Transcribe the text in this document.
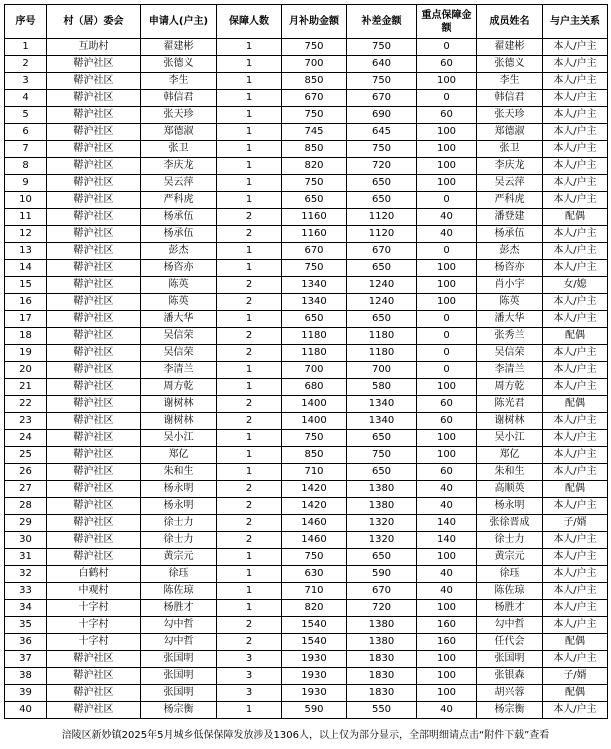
序号	村（居）委会	申请人(户主)	保障人数	月补助金额	补差金额	重点保障金额	成员姓名	与户主关系
1	互助村	翟建彬	1	750	750	0	翟建彬	本人/户主
2	鞯沪社区	张德义	1	700	640	60	张德义	本人/户主
3	鞯沪社区	李生	1	850	750	100	李生	本人/户主
4	鞯沪社区	韩信君	1	670	670	0	韩信君	本人/户主
5	鞯沪社区	张天珍	1	750	690	60	张天珍	本人/户主
6	鞯沪社区	郑德淑	1	745	645	100	郑德淑	本人/户主
7	鞯沪社区	张卫	1	850	750	100	张卫	本人/户主
8	鞯沪社区	李庆龙	1	820	720	100	李庆龙	本人/户主
9	鞯沪社区	吴云萍	1	750	650	100	吴云萍	本人/户主
10	鞯沪社区	严科虎	1	650	650	0	严科虎	本人/户主
11	鞯沪社区	杨承伍	2	1160	1120	40	潘登建	配偶
12	鞯沪社区	杨承伍	2	1160	1120	40	杨承伍	本人/户主
13	鞯沪社区	彭杰	1	670	670	0	彭杰	本人/户主
14	鞯沪社区	杨咨亦	1	750	650	100	杨咨亦	本人/户主
15	鞯沪社区	陈英	2	1340	1240	100	肖小宇	女/媳
16	鞯沪社区	陈英	2	1340	1240	100	陈英	本人/户主
17	鞯沪社区	潘大华	1	650	650	0	潘大华	本人/户主
18	鞯沪社区	吴信荣	2	1180	1180	0	张秀兰	配偶
19	鞯沪社区	吴信荣	2	1180	1180	0	吴信荣	本人/户主
20	鞯沪社区	李清兰	1	700	700	0	李清兰	本人/户主
21	鞯沪社区	周方乾	1	680	580	100	周方乾	本人/户主
22	鞯沪社区	谢树林	2	1400	1340	60	陈光君	配偶
23	鞯沪社区	谢树林	2	1400	1340	60	谢树林	本人/户主
24	鞯沪社区	吴小江	1	750	650	100	吴小江	本人/户主
25	鞯沪社区	郑亿	1	850	750	100	郑亿	本人/户主
26	鞯沪社区	朱和生	1	710	650	60	朱和生	本人/户主
27	鞯沪社区	杨永明	2	1420	1380	40	高顺英	配偶
28	鞯沪社区	杨永明	2	1420	1380	40	杨永明	本人/户主
29	鞯沪社区	徐士力	2	1460	1320	140	张徐晋成	子/婿
30	鞯沪社区	徐士力	2	1460	1320	140	徐士力	本人/户主
31	鞯沪社区	黄宗元	1	750	650	100	黄宗元	本人/户主
32	白鹤村	徐珏	1	630	590	40	徐珏	本人/户主
33	中观村	陈佐琼	1	710	670	40	陈佐琼	本人/户主
34	十字村	杨胜才	1	820	720	100	杨胜才	本人/户主
35	十字村	勾中哲	2	1540	1380	160	勾中哲	本人/户主
36	十字村	勾中哲	2	1540	1380	160	任代会	配偶
37	鞯沪社区	张国明	3	1930	1830	100	张国明	本人/户主
38	鞯沪社区	张国明	3	1930	1830	100	张银森	子/婿
39	鞯沪社区	张国明	3	1930	1830	100	胡兴蓉	配偶
40	鞯沪社区	杨宗衡	1	590	550	40	杨宗衡	本人/户主
涪陵区新妙镇2025年5月城乡低保保障发放涉及1306人，以上仅为部分显示，全部明细请点击“附件下载”查看
